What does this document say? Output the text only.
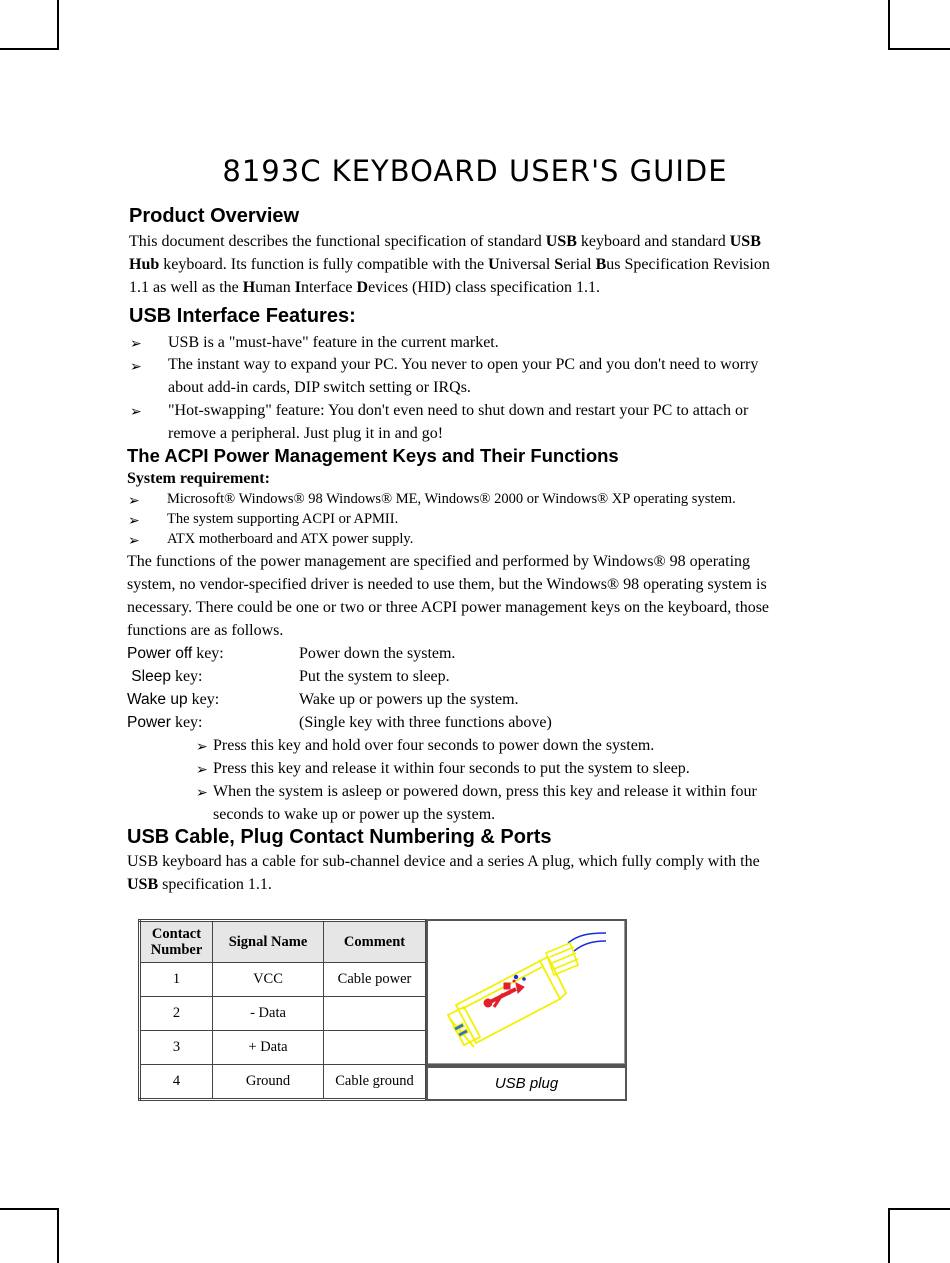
8193C KEYBOARD USER'S GUIDE
Product Overview
This document describes the functional specification of standard USB keyboard and standard USB
Hub keyboard. Its function is fully compatible with the Universal Serial Bus Specification Revision
1.1 as well as the Human Interface Devices (HID) class specification 1.1.
USB Interface Features:
➢ USB is a "must-have" feature in the current market.
➢ The instant way to expand your PC. You never to open your PC and you don't need to worry
about add-in cards, DIP switch setting or IRQs.
➢ "Hot-swapping" feature: You don't even need to shut down and restart your PC to attach or
remove a peripheral. Just plug it in and go!
The ACPI Power Management Keys and Their Functions
System requirement:
➢ Microsoft® Windows® 98 Windows® ME, Windows® 2000 or Windows® XP operating system.
➢ The system supporting ACPI or APMII.
➢ ATX motherboard and ATX power supply.
The functions of the power management are specified and performed by Windows® 98 operating
system, no vendor-specified driver is needed to use them, but the Windows® 98 operating system is
necessary. There could be one or two or three ACPI power management keys on the keyboard, those
functions are as follows.
Power off key:	Power down the system.
Sleep key:	Put the system to sleep.
Wake up key:	Wake up or powers up the system.
Power key:	(Single key with three functions above)
➢ Press this key and hold over four seconds to power down the system.
➢ Press this key and release it within four seconds to put the system to sleep.
➢ When the system is asleep or powered down, press this key and release it within four
seconds to wake up or power up the system.
USB Cable, Plug Contact Numbering & Ports
USB keyboard has a cable for sub-channel device and a series A plug, which fully comply with the
USB specification 1.1.
Contact
Number	Signal Name	Comment
1	VCC	Cable power
2	- Data	
3	+ Data	
4	Ground	Cable ground	USB plug
